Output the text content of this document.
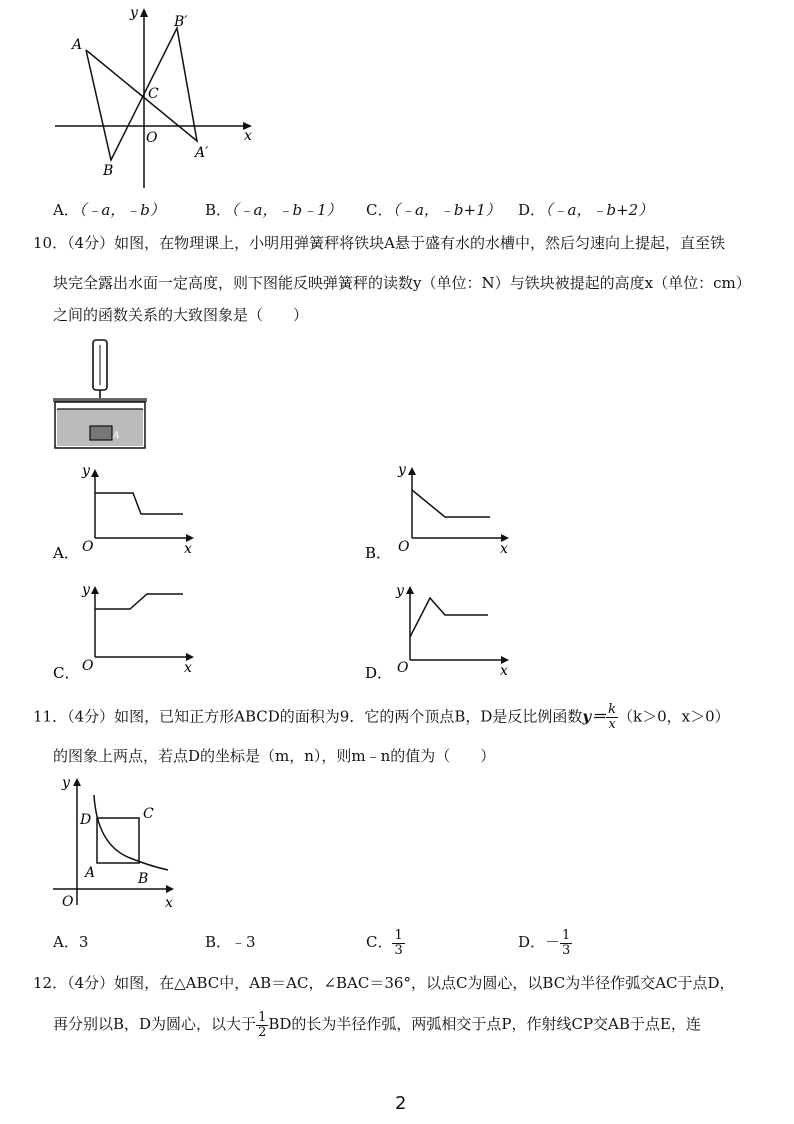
y
x
A
B
C
O
B′
A′
A．（﹣a，﹣b）	B．（﹣a，﹣b﹣1） C．（﹣a，﹣b+1） D．（﹣a，﹣b+2）
10．（4分）如图，在物理课上，小明用弹簧秤将铁块A悬于盛有水的水槽中，然后匀速向上提起，直至铁
块完全露出水面一定高度，则下图能反映弹簧秤的读数y（单位：N）与铁块被提起的高度x（单位：cm）
之间的函数关系的大致图象是（　　）
A
y
x
O
A．
y
x
O
B．
y
x
O
C．
y
x
O
D．
11．（4分）如图，已知正方形ABCD的面积为9．它的两个顶点B，D是反比例函数$y= \frac{k}{x} (k>0$，x＞0）
的图象上两点，若点D的坐标是（m，n），则m﹣n的值为（　　）
y
x
O
D	C
A	B
A．3	B．﹣3	C． $\frac{1}{3}$	D．－ $\frac{1}{3}$
12．（4分）如图，在△ABC中，AB＝AC，∠BAC＝36°，以点C为圆心，以BC为半径作弧交AC于点D，
再分别以B，D为圆心，以大于 $\frac{1}{2}$ BD的长为半径作弧，两弧相交于点P，作射线CP交AB于点E，连
2
